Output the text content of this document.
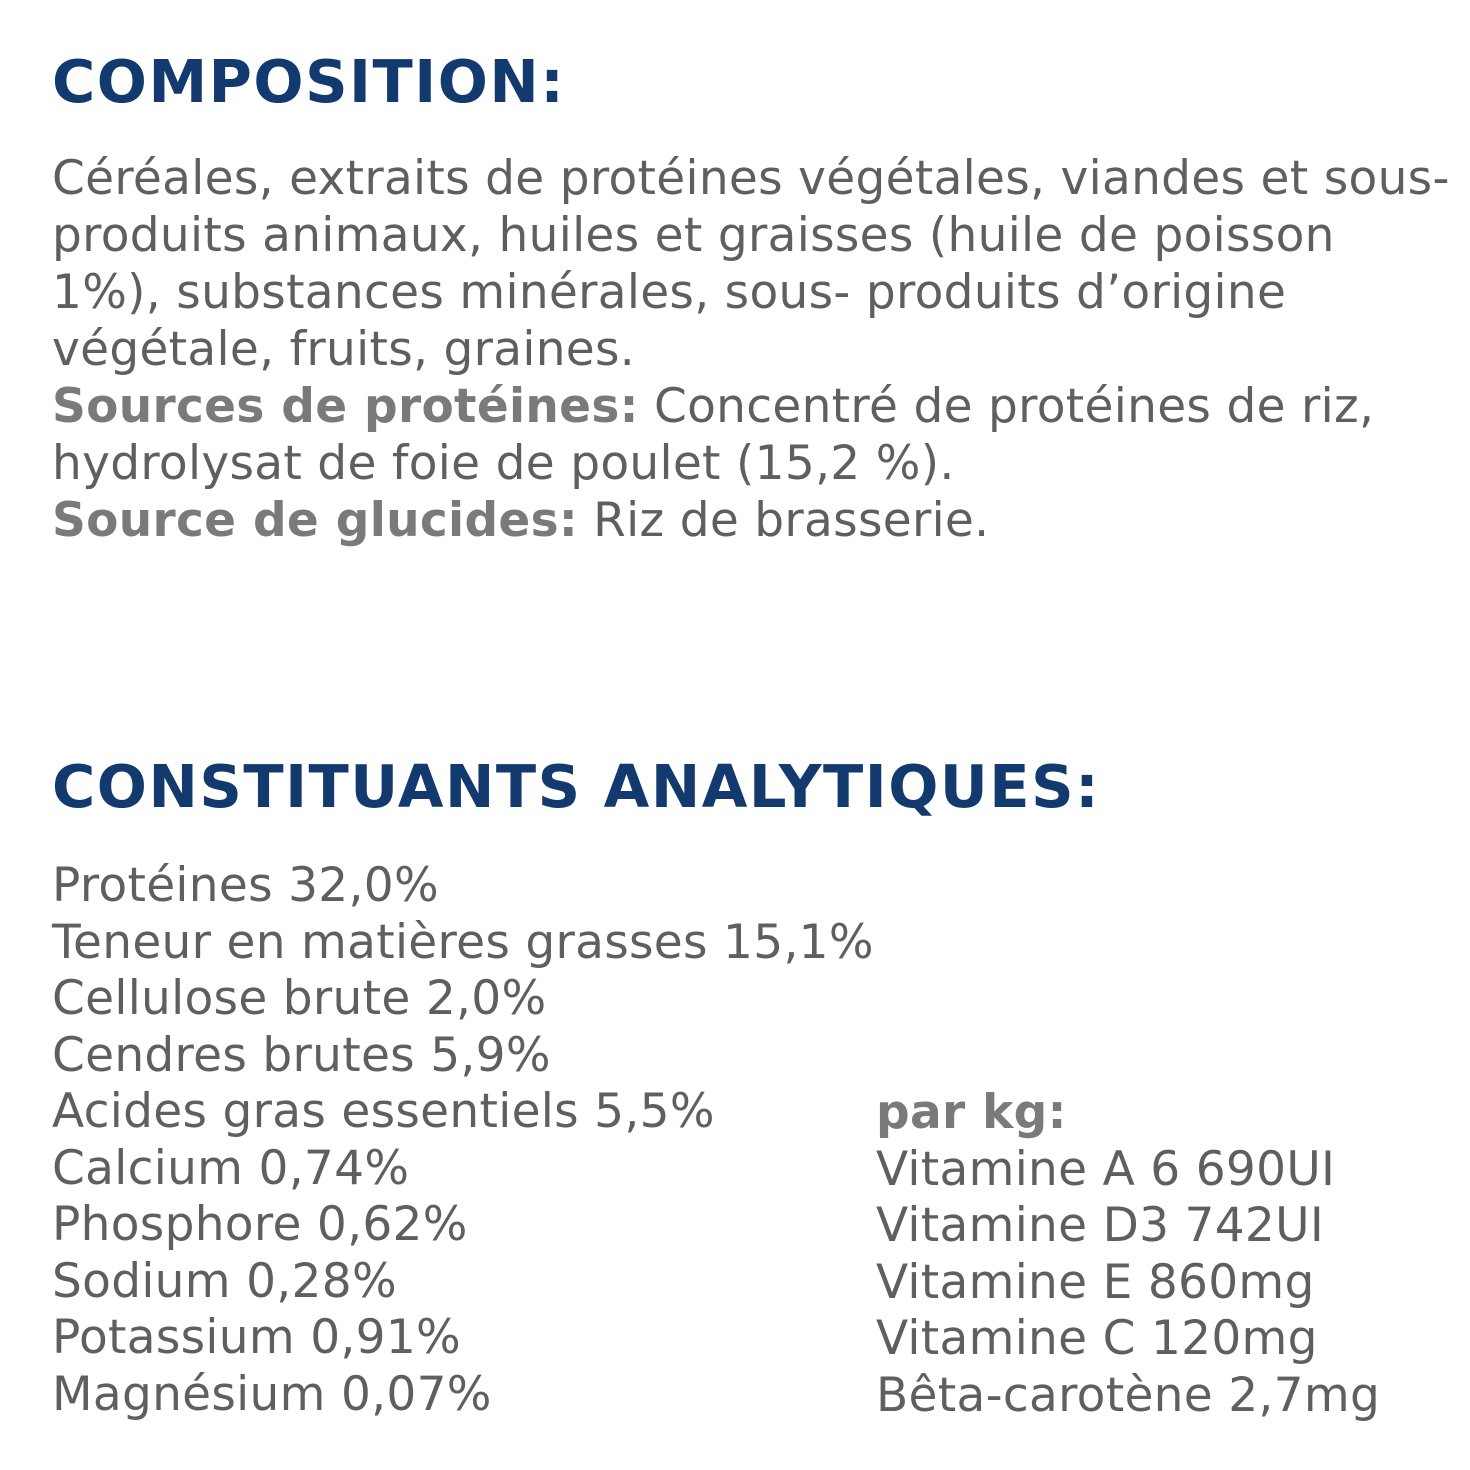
COMPOSITION:

Céréales, extraits de protéines végétales, viandes et sous-produits animaux, huiles et graisses (huile de poisson 1%), substances minérales, sous- produits d’origine végétale, fruits, graines.

Sources de protéines: Concentré de protéines de riz, hydrolysat de foie de poulet (15,2 %).

Source de glucides: Riz de brasserie.

CONSTITUANTS ANALYTIQUES:
Protéines 32,0%
Teneur en matières grasses 15,1%
Cellulose brute 2,0%
Cendres brutes 5,9%
Acides gras essentiels 5,5%
Calcium 0,74%
Phosphore 0,62%
Sodium 0,28%
Potassium 0,91%
Magnésium 0,07%
par kg:
Vitamine A 6 690UI
Vitamine D3 742UI
Vitamine E 860mg
Vitamine C 120mg
Bêta-carotène 2,7mg
